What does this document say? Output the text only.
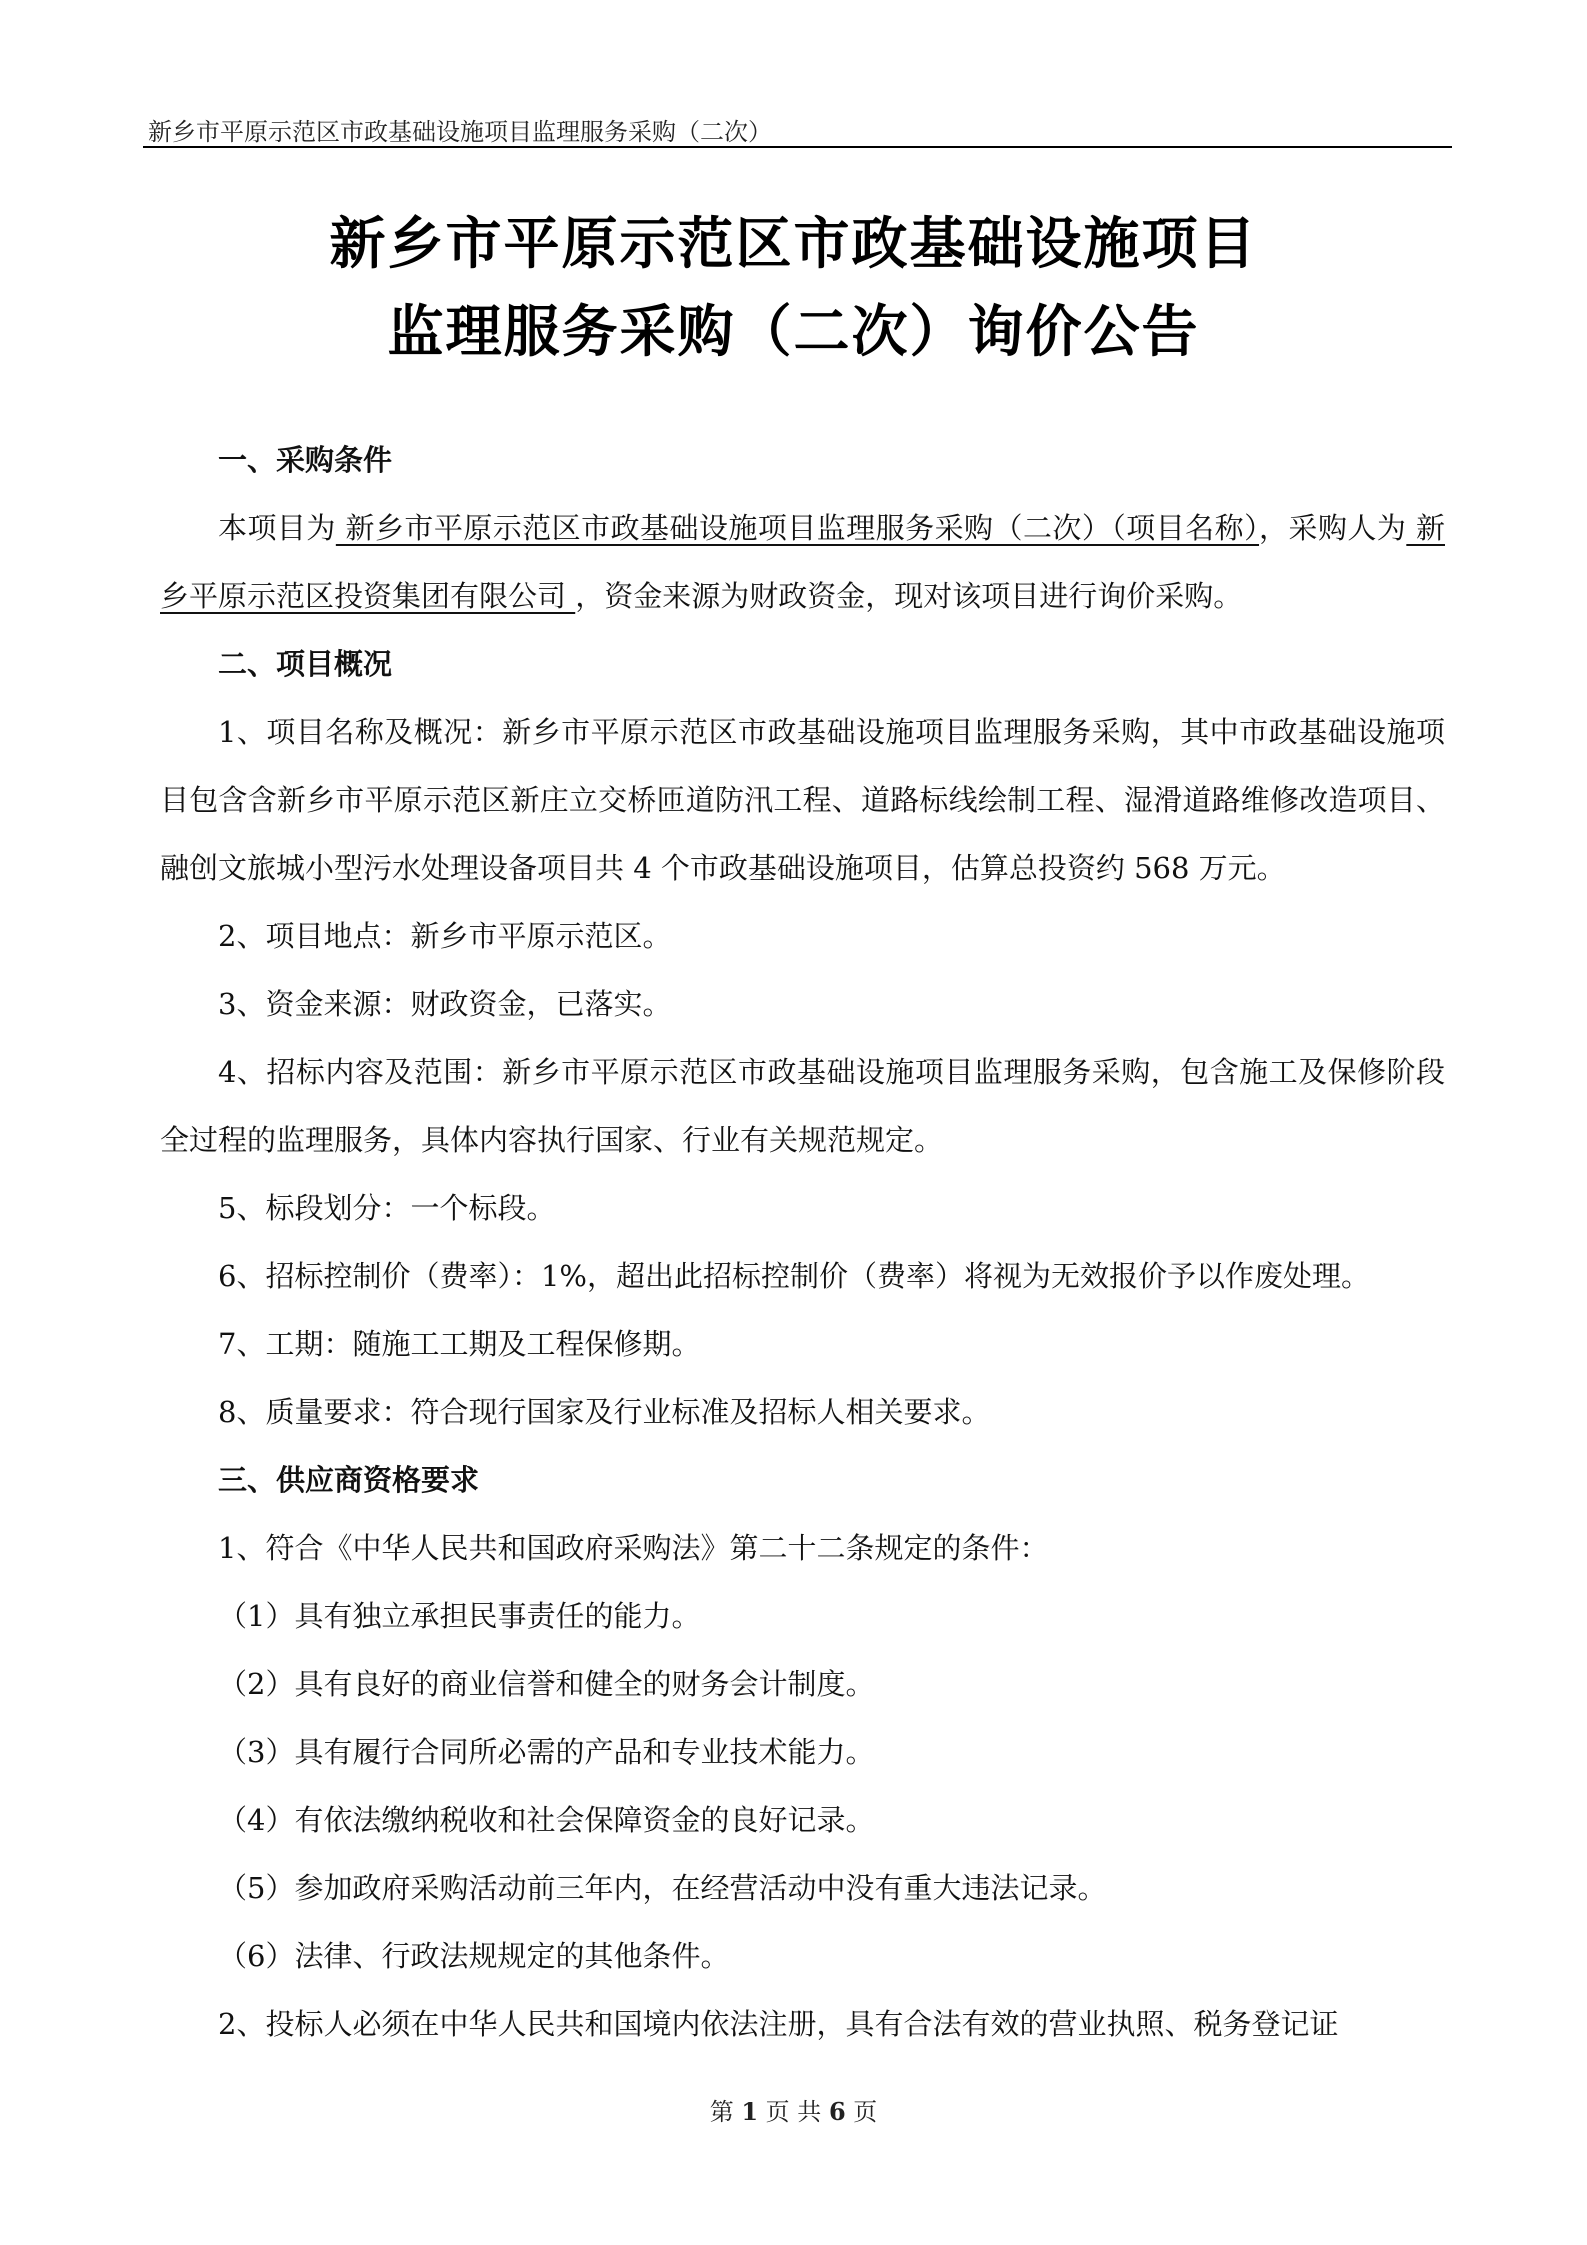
新乡市平原示范区市政基础设施项目监理服务采购（二次）
新乡市平原示范区市政基础设施项目
监理服务采购（二次）询价公告

一、采购条件

本项目为 新乡市平原示范区市政基础设施项目监理服务采购（二次）（项目名称），采购人为 新乡平原示范区投资集团有限公司 ，资金来源为财政资金，现对该项目进行询价采购。

二、项目概况

1、项目名称及概况：新乡市平原示范区市政基础设施项目监理服务采购，其中市政基础设施项目包含含新乡市平原示范区新庄立交桥匝道防汛工程、道路标线绘制工程、湿滑道路维修改造项目、融创文旅城小型污水处理设备项目共 4 个市政基础设施项目，估算总投资约 568 万元。

2、项目地点：新乡市平原示范区。

3、资金来源：财政资金，已落实。

4、招标内容及范围：新乡市平原示范区市政基础设施项目监理服务采购，包含施工及保修阶段全过程的监理服务，具体内容执行国家、行业有关规范规定。

5、标段划分：一个标段。

6、招标控制价（费率）：1%，超出此招标控制价（费率）将视为无效报价予以作废处理。

7、工期：随施工工期及工程保修期。

8、质量要求：符合现行国家及行业标准及招标人相关要求。

三、供应商资格要求

1、符合《中华人民共和国政府采购法》第二十二条规定的条件：

（1）具有独立承担民事责任的能力。

（2）具有良好的商业信誉和健全的财务会计制度。

（3）具有履行合同所必需的产品和专业技术能力。

（4）有依法缴纳税收和社会保障资金的良好记录。

（5）参加政府采购活动前三年内，在经营活动中没有重大违法记录。

（6）法律、行政法规规定的其他条件。

2、投标人必须在中华人民共和国境内依法注册，具有合法有效的营业执照、税务登记证

第 1 页 共 6 页
